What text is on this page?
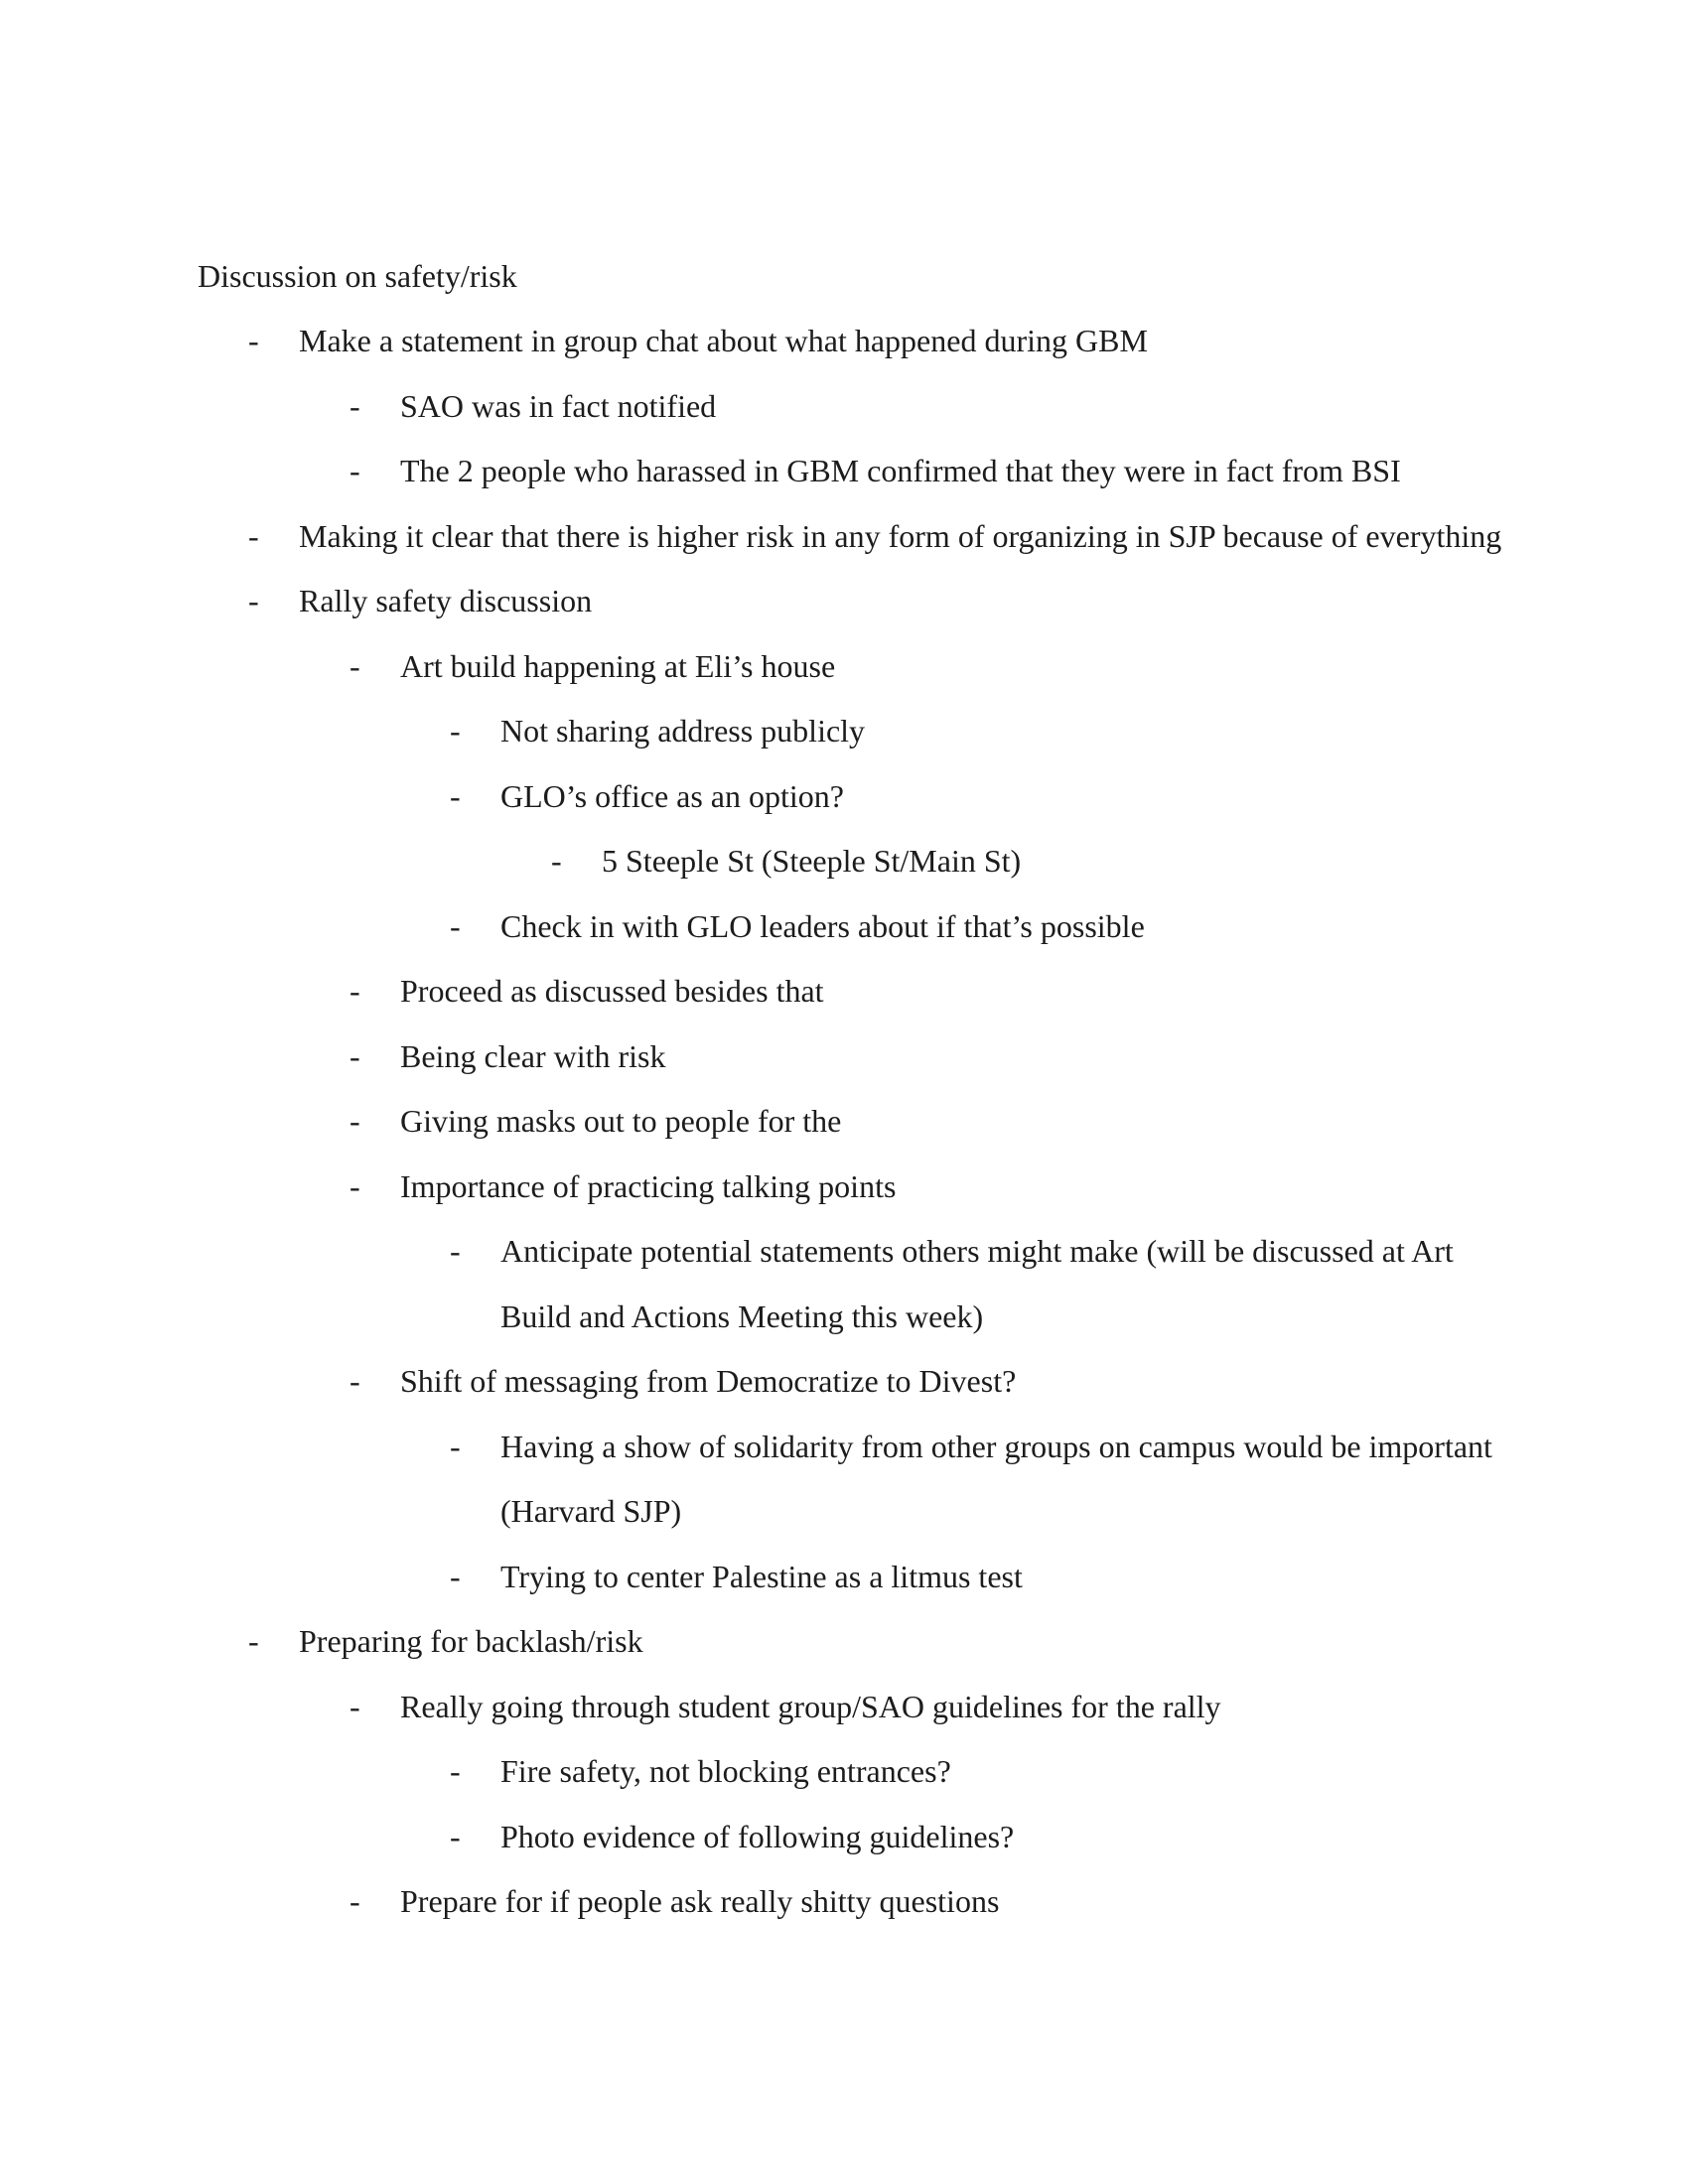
Discussion on safety/risk
- Make a statement in group chat about what happened during GBM
- SAO was in fact notified
- The 2 people who harassed in GBM confirmed that they were in fact from BSI
- Making it clear that there is higher risk in any form of organizing in SJP because of everything
- Rally safety discussion
- Art build happening at Eli’s house
- Not sharing address publicly
- GLO’s office as an option?
- 5 Steeple St (Steeple St/Main St)
- Check in with GLO leaders about if that’s possible
- Proceed as discussed besides that
- Being clear with risk
- Giving masks out to people for the
- Importance of practicing talking points
- Anticipate potential statements others might make (will be discussed at Art
Build and Actions Meeting this week)
- Shift of messaging from Democratize to Divest?
- Having a show of solidarity from other groups on campus would be important
(Harvard SJP)
- Trying to center Palestine as a litmus test
- Preparing for backlash/risk
- Really going through student group/SAO guidelines for the rally
- Fire safety, not blocking entrances?
- Photo evidence of following guidelines?
- Prepare for if people ask really shitty questions
